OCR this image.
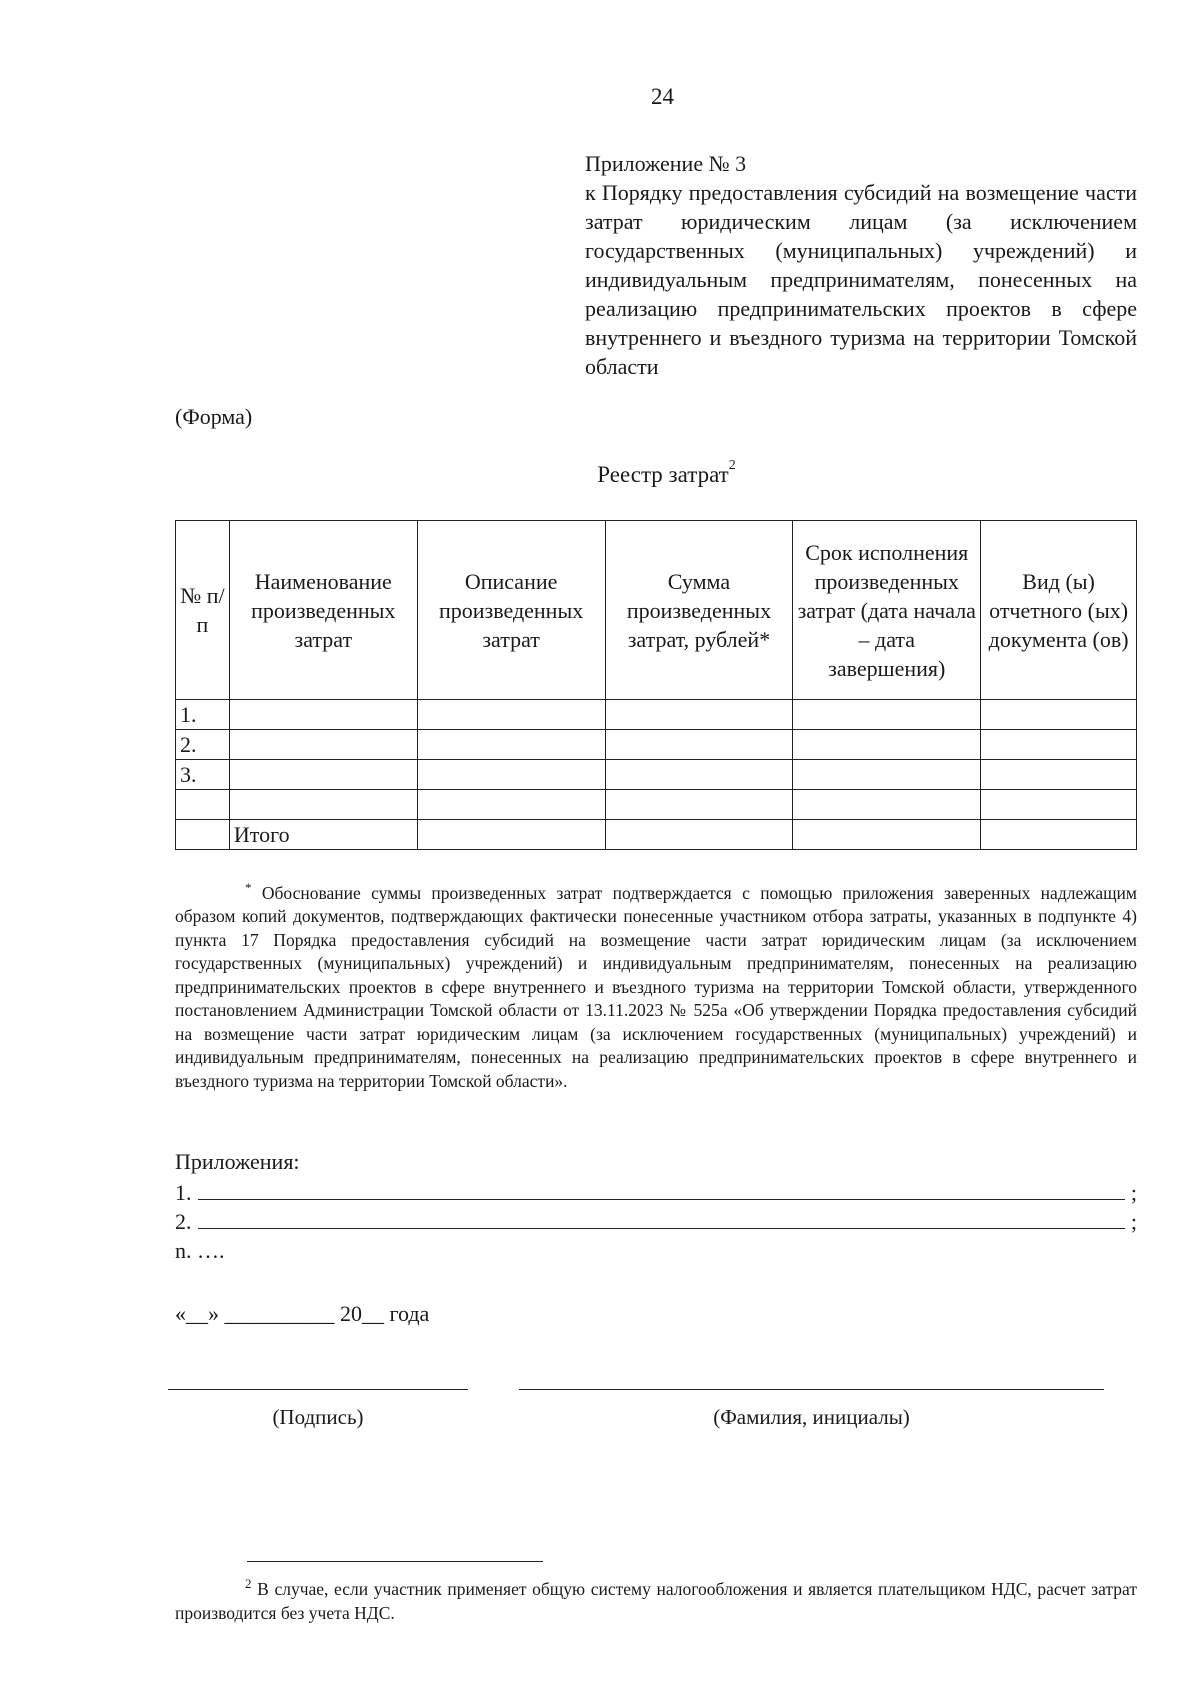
24
Приложение № 3
к Порядку предоставления субсидий на возмещение части затрат юридическим лицам (за исключением государственных (муниципальных) учреждений) и индивидуальным предпринимателям, понесенных на реализацию предпринимательских проектов в сфере внутреннего и въездного туризма на территории Томской области
(Форма)
Реестр затрат$^2$
№ п/п	Наименование произведенных затрат	Описание произведенных затрат	Сумма произведенных затрат, рублей*	Срок исполнения произведенных затрат (дата начала – дата завершения)	Вид (ы) отчетного (ых) документа (ов)
1.					
2.					
3.					

	Итого				
* Обоснование суммы произведенных затрат подтверждается с помощью приложения заверенных надлежащим образом копий документов, подтверждающих фактически понесенные участником отбора затраты, указанных в подпункте 4) пункта 17 Порядка предоставления субсидий на возмещение части затрат юридическим лицам (за исключением государственных (муниципальных) учреждений) и индивидуальным предпринимателям, понесенных на реализацию предпринимательских проектов в сфере внутреннего и въездного туризма на территории Томской области, утвержденного постановлением Администрации Томской области от 13.11.2023 № 525а «Об утверждении Порядка предоставления субсидий на возмещение части затрат юридическим лицам (за исключением государственных (муниципальных) учреждений) и индивидуальным предпринимателям, понесенных на реализацию предпринимательских проектов в сфере внутреннего и въездного туризма на территории Томской области».
Приложения:
1.	;
2.	;
n. ….
«__» __________ 20__ года
(Подпись)	(Фамилия, инициалы)
$^2$ В случае, если участник применяет общую систему налогообложения и является плательщиком НДС, расчет затрат производится без учета НДС.
